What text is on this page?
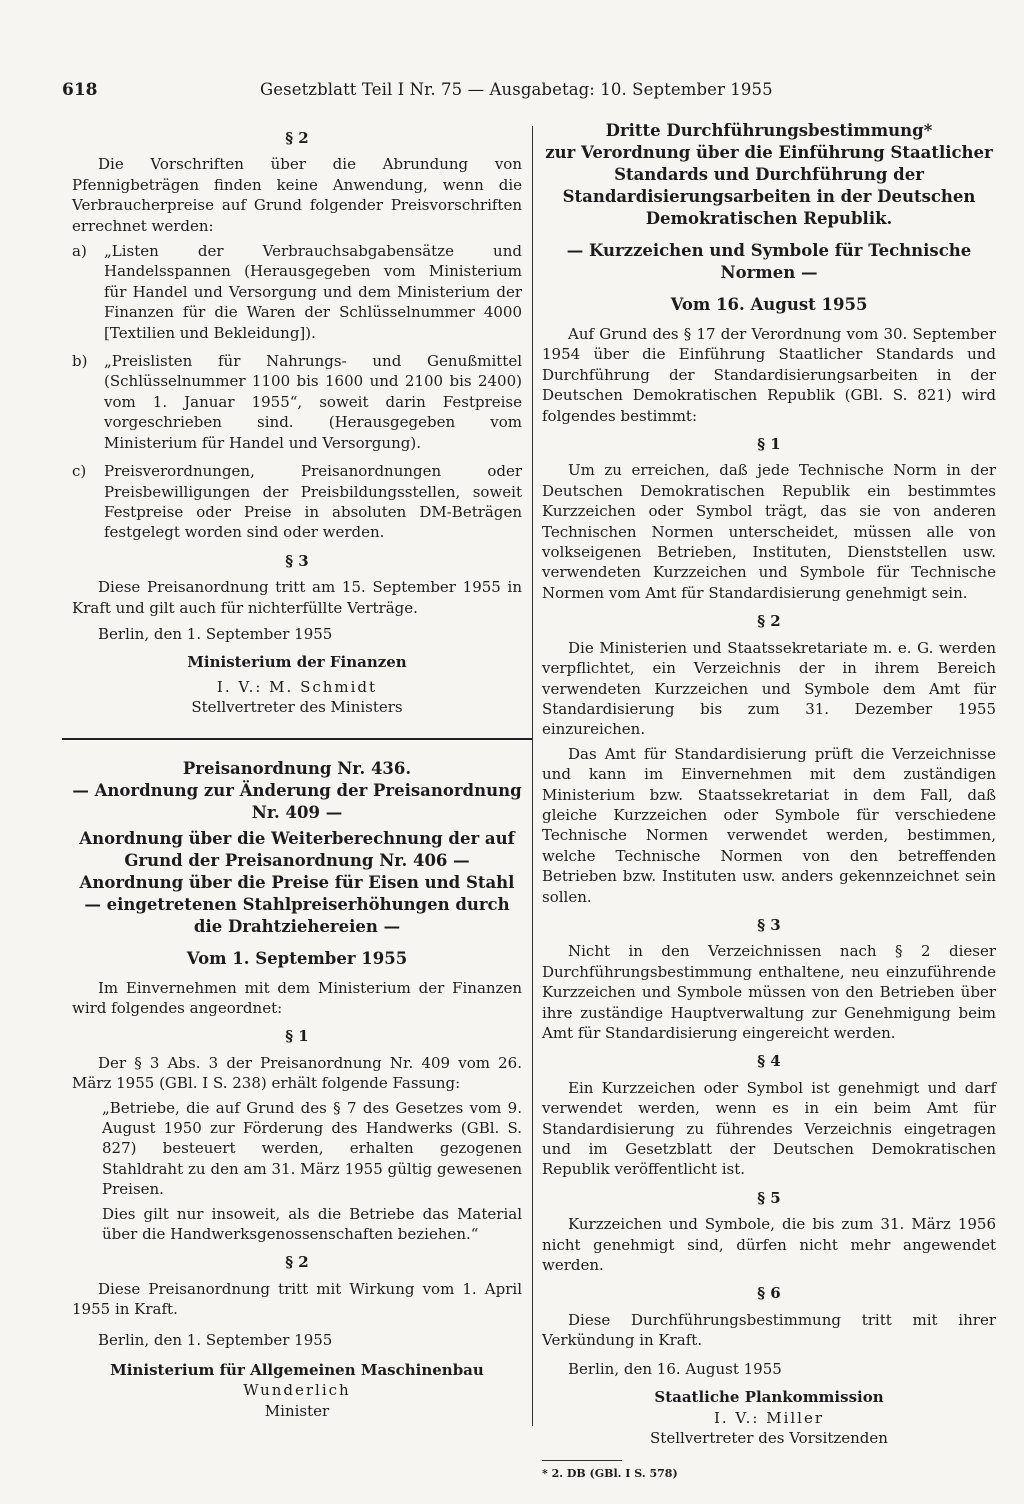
618	Gesetzblatt Teil I Nr. 75 — Ausgabetag: 10. September 1955
§ 2

Die Vorschriften über die Abrundung von Pfennigbeträgen finden keine Anwendung, wenn die Verbraucherpreise auf Grund folgender Preisvorschriften errechnet werden:

a)	„Listen der Verbrauchsabgabensätze und Handelsspannen (Herausgegeben vom Ministerium für Handel und Versorgung und dem Ministerium der Finanzen für die Waren der Schlüsselnummer 4000 [Textilien und Bekleidung]).
b)	„Preislisten für Nahrungs- und Genußmittel (Schlüsselnummer 1100 bis 1600 und 2100 bis 2400) vom 1. Januar 1955“, soweit darin Festpreise vorgeschrieben sind. (Herausgegeben vom Ministerium für Handel und Versorgung).
c)	Preisverordnungen, Preisanordnungen oder Preisbewilligungen der Preisbildungsstellen, soweit Festpreise oder Preise in absoluten DM-Beträgen festgelegt worden sind oder werden.
§ 3

Diese Preisanordnung tritt am 15. September 1955 in Kraft und gilt auch für nichterfüllte Verträge.

Berlin, den 1. September 1955

Ministerium der Finanzen

I. V.: M. Schmidt

Stellvertreter des Ministers

Preisanordnung Nr. 436.
— Anordnung zur Änderung der Preisanordnung Nr. 409 —
Anordnung über die Weiterberechnung der auf Grund der Preisanordnung Nr. 406 — Anordnung über die Preise für Eisen und Stahl — eingetretenen Stahlpreiserhöhungen durch die Drahtziehereien —
Vom 1. September 1955

Im Einvernehmen mit dem Ministerium der Finanzen wird folgendes angeordnet:

§ 1

Der § 3 Abs. 3 der Preisanordnung Nr. 409 vom 26. März 1955 (GBl. I S. 238) erhält folgende Fassung:

„Betriebe, die auf Grund des § 7 des Gesetzes vom 9. August 1950 zur Förderung des Handwerks (GBl. S. 827) besteuert werden, erhalten gezogenen Stahldraht zu den am 31. März 1955 gültig gewesenen Preisen.

Dies gilt nur insoweit, als die Betriebe das Material über die Handwerksgenossenschaften beziehen.“

§ 2

Diese Preisanordnung tritt mit Wirkung vom 1. April 1955 in Kraft.

Berlin, den 1. September 1955

Ministerium für Allgemeinen Maschinenbau

Wunderlich

Minister

Dritte Durchführungsbestimmung*
zur Verordnung über die Einführung Staatlicher Standards und Durchführung der Standardisierungsarbeiten in der Deutschen Demokratischen Republik.
— Kurzzeichen und Symbole für Technische Normen —
Vom 16. August 1955

Auf Grund des § 17 der Verordnung vom 30. September 1954 über die Einführung Staatlicher Standards und Durchführung der Standardisierungsarbeiten in der Deutschen Demokratischen Republik (GBl. S. 821) wird folgendes bestimmt:

§ 1

Um zu erreichen, daß jede Technische Norm in der Deutschen Demokratischen Republik ein bestimmtes Kurzzeichen oder Symbol trägt, das sie von anderen Technischen Normen unterscheidet, müssen alle von volkseigenen Betrieben, Instituten, Dienststellen usw. verwendeten Kurzzeichen und Symbole für Technische Normen vom Amt für Standardisierung genehmigt sein.

§ 2

Die Ministerien und Staatssekretariate m. e. G. werden verpflichtet, ein Verzeichnis der in ihrem Bereich verwendeten Kurzzeichen und Symbole dem Amt für Standardisierung bis zum 31. Dezember 1955 einzureichen.

Das Amt für Standardisierung prüft die Verzeichnisse und kann im Einvernehmen mit dem zuständigen Ministerium bzw. Staatssekretariat in dem Fall, daß gleiche Kurzzeichen oder Symbole für verschiedene Technische Normen verwendet werden, bestimmen, welche Technische Normen von den betreffenden Betrieben bzw. Instituten usw. anders gekennzeichnet sein sollen.

§ 3

Nicht in den Verzeichnissen nach § 2 dieser Durchführungsbestimmung enthaltene, neu einzuführende Kurzzeichen und Symbole müssen von den Betrieben über ihre zuständige Hauptverwaltung zur Genehmigung beim Amt für Standardisierung eingereicht werden.

§ 4

Ein Kurzzeichen oder Symbol ist genehmigt und darf verwendet werden, wenn es in ein beim Amt für Standardisierung zu führendes Verzeichnis eingetragen und im Gesetzblatt der Deutschen Demokratischen Republik veröffentlicht ist.

§ 5

Kurzzeichen und Symbole, die bis zum 31. März 1956 nicht genehmigt sind, dürfen nicht mehr angewendet werden.

§ 6

Diese Durchführungsbestimmung tritt mit ihrer Verkündung in Kraft.

Berlin, den 16. August 1955

Staatliche Plankommission

I. V.: Miller

Stellvertreter des Vorsitzenden

* 2. DB (GBl. I S. 578)
